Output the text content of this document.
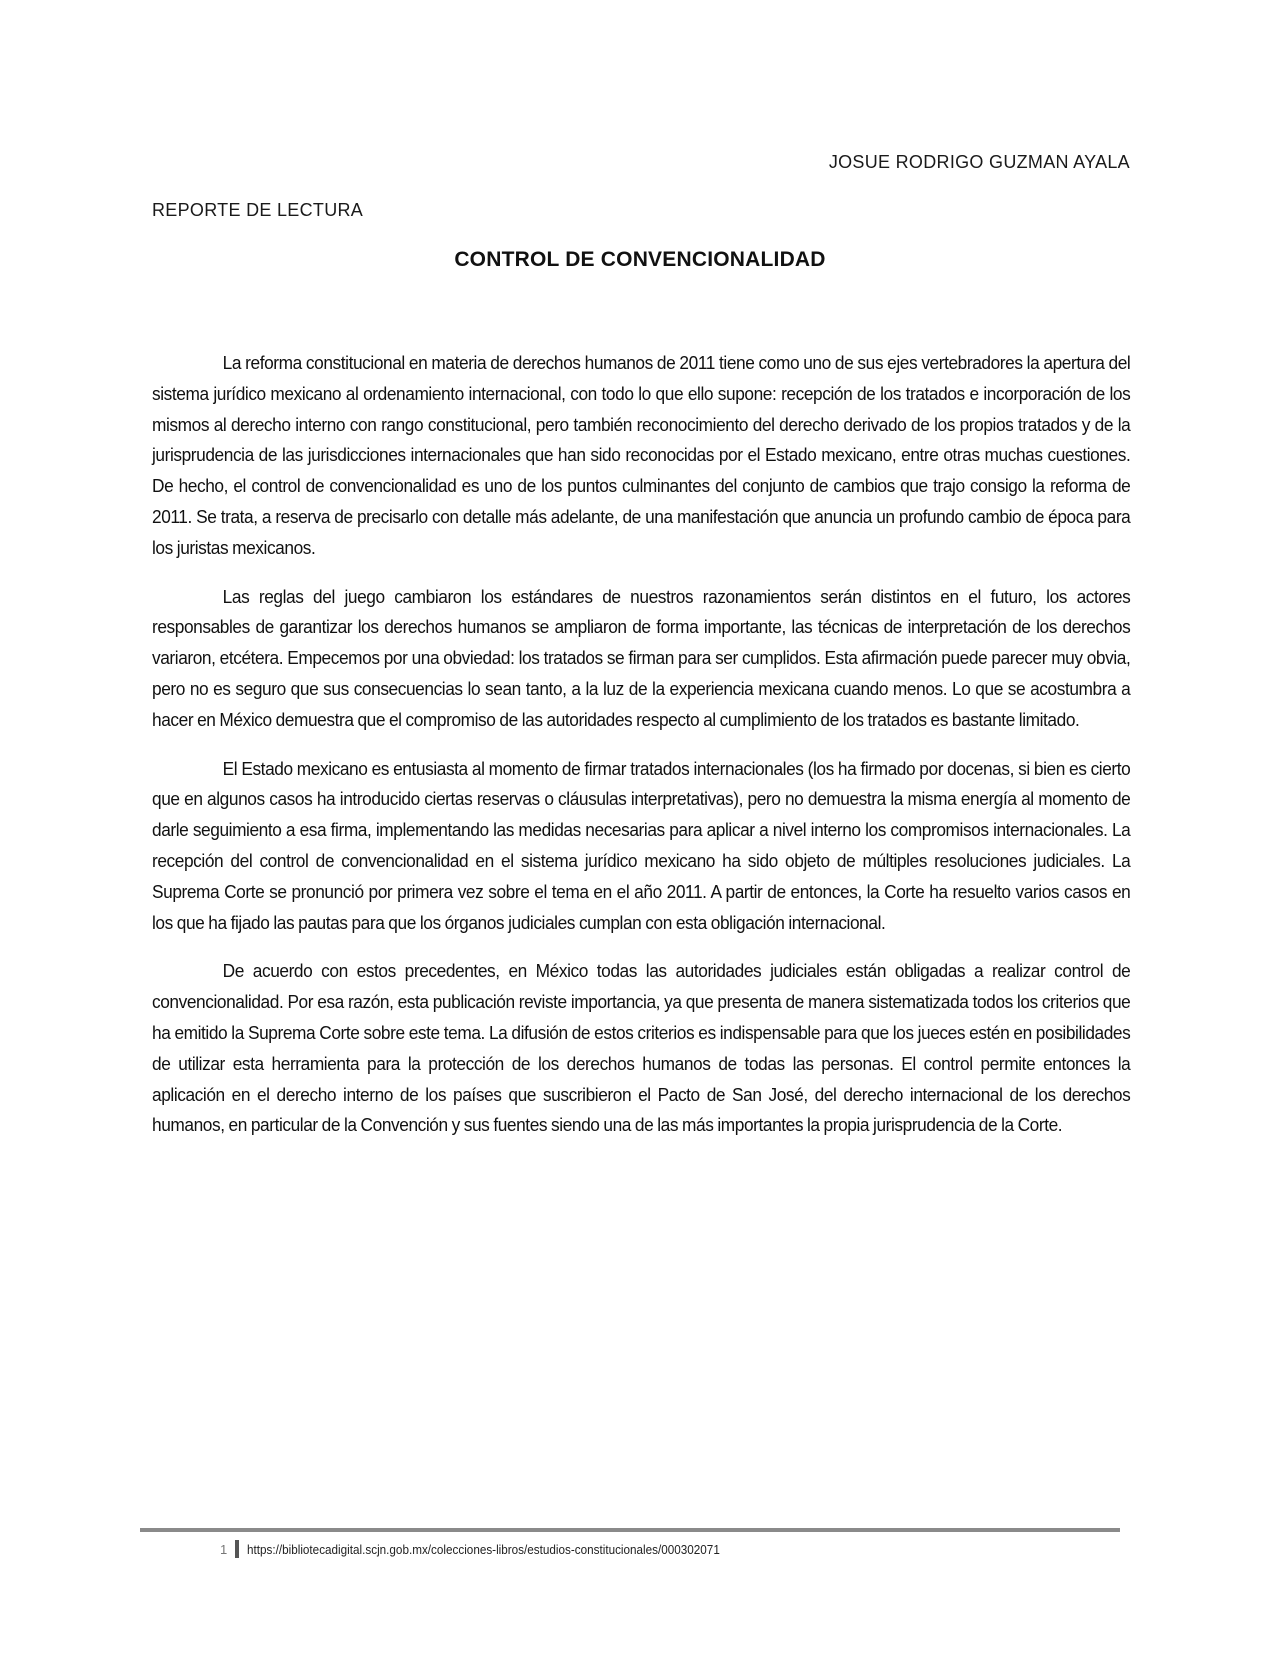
JOSUE RODRIGO GUZMAN AYALA
REPORTE DE LECTURA
CONTROL DE CONVENCIONALIDAD

La reforma constitucional en materia de derechos humanos de 2011 tiene como uno de sus ejes vertebradores la apertura del sistema jurídico mexicano al ordenamiento internacional, con todo lo que ello supone: recepción de los tratados e incorporación de los mismos al derecho interno con rango constitucional, pero también reconocimiento del derecho derivado de los propios tratados y de la jurisprudencia de las jurisdicciones internacionales que han sido reconocidas por el Estado mexicano, entre otras muchas cuestiones. De hecho, el control de convencionalidad es uno de los puntos culminantes del conjunto de cambios que trajo consigo la reforma de 2011. Se trata, a reserva de precisarlo con detalle más adelante, de una manifestación que anuncia un profundo cambio de época para los juristas mexicanos.

Las reglas del juego cambiaron los estándares de nuestros razonamientos serán distintos en el futuro, los actores responsables de garantizar los derechos humanos se ampliaron de forma importante, las técnicas de interpretación de los derechos variaron, etcétera. Empecemos por una obviedad: los tratados se firman para ser cumplidos. Esta afirmación puede parecer muy obvia, pero no es seguro que sus consecuencias lo sean tanto, a la luz de la experiencia mexicana cuando menos. Lo que se acostumbra a hacer en México demuestra que el compromiso de las autoridades respecto al cumplimiento de los tratados es bastante limitado.

El Estado mexicano es entusiasta al momento de firmar tratados internacionales (los ha firmado por docenas, si bien es cierto que en algunos casos ha introducido ciertas reservas o cláusulas interpretativas), pero no demuestra la misma energía al momento de darle seguimiento a esa firma, implementando las medidas necesarias para aplicar a nivel interno los compromisos internacionales. La recepción del control de convencionalidad en el sistema jurídico mexicano ha sido objeto de múltiples resoluciones judiciales. La Suprema Corte se pronunció por primera vez sobre el tema en el año 2011. A partir de entonces, la Corte ha resuelto varios casos en los que ha fijado las pautas para que los órganos judiciales cumplan con esta obligación internacional.

De acuerdo con estos precedentes, en México todas las autoridades judiciales están obligadas a realizar control de convencionalidad. Por esa razón, esta publicación reviste importancia, ya que presenta de manera sistematizada todos los criterios que ha emitido la Suprema Corte sobre este tema. La difusión de estos criterios es indispensable para que los jueces estén en posibilidades de utilizar esta herramienta para la protección de los derechos humanos de todas las personas. El control permite entonces la aplicación en el derecho interno de los países que suscribieron el Pacto de San José, del derecho internacional de los derechos humanos, en particular de la Convención y sus fuentes siendo una de las más importantes la propia jurisprudencia de la Corte.

1 https://bibliotecadigital.scjn.gob.mx/colecciones-libros/estudios-constitucionales/000302071
